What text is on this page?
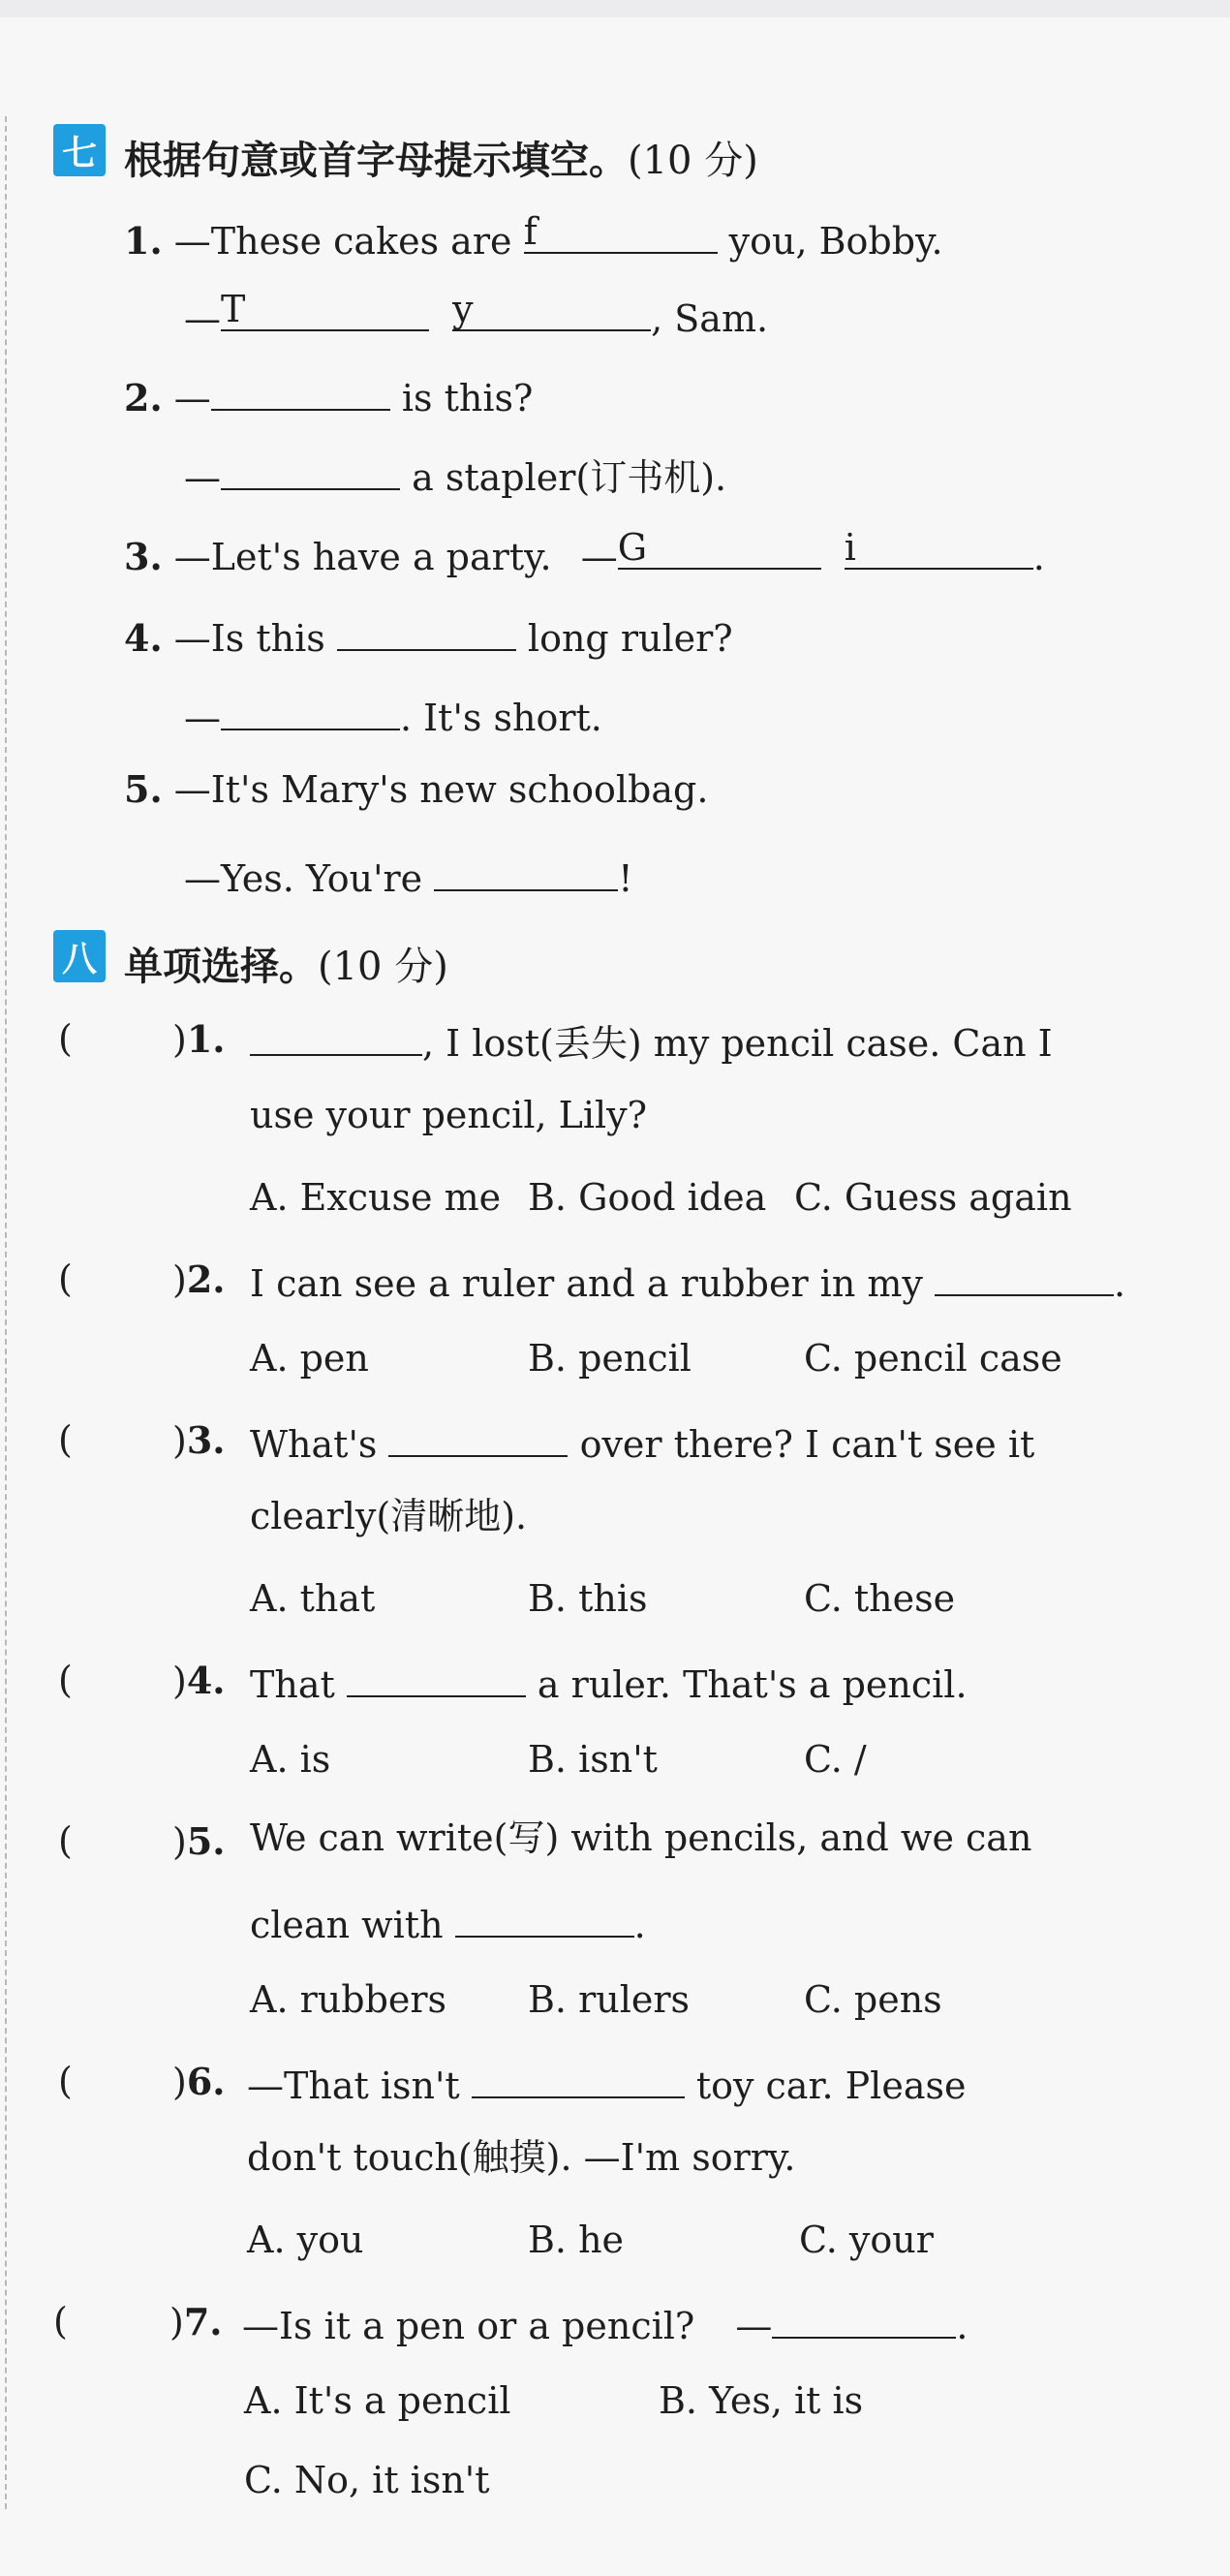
七 根据句意或首字母提示填空。(10 分)
1. —These cakes are f	you, Bobby.
— T
	y	, Sam.
2. —	is this?
—	a stapler(订书机).
3. —Let's have a party. — G
	i	.
4. —Is this	long ruler?
—	. It's short.
5. —It's Mary's new schoolbag.
—Yes. You're	!
八 单项选择。(10 分)
(	)1.	, I lost(丢失) my pencil case. Can I
use your pencil, Lily?
A. Excuse me B. Good idea C. Guess again
(	)2. I can see a ruler and a rubber in my	.
A. pen	B. pencil	C. pencil case
(	)3. What's	over there? I can't see it
clearly(清晰地).
A. that	B. this	C. these
(	)4. That	a ruler. That's a pencil.
A. is	B. isn't	C. /
(	)5. We can write(写) with pencils, and we can
clean with	.
A. rubbers B. rulers	C. pens
(	)6. —That isn't	toy car. Please
don't touch(触摸). —I'm sorry.
A. you	B. he	C. your
(	)7. —Is it a pen or a pencil? —	.
A. It's a pencil	B. Yes, it is
C. No, it isn't
